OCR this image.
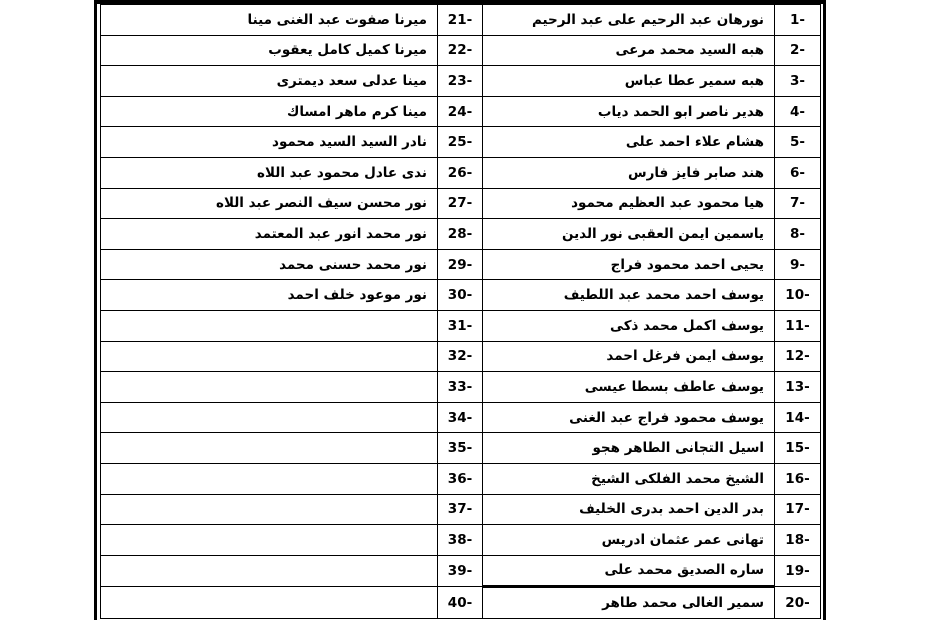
ميرنا صفوت عبد الغنى مينا	21-	نورهان عبد الرحيم على عبد الرحيم	1-
ميرنا كميل كامل يعقوب	22-	هبه السيد محمد مرعى	2-
مينا عدلى سعد ديمترى	23-	هبه سمير عطا عباس	3-
مينا كرم ماهر امساك	24-	هدير ناصر ابو الحمد دياب	4-
نادر السيد السيد محمود	25-	هشام علاء احمد على	5-
ندى عادل محمود عبد اللاه	26-	هند صابر فايز فارس	6-
نور محسن سيف النصر عبد اللاه	27-	هيا محمود عبد العظيم محمود	7-
نور محمد انور عبد المعتمد	28-	ياسمين ايمن العقبى نور الدين	8-
نور محمد حسنى محمد	29-	يحيى احمد محمود فراج	9-
نور موعود خلف احمد	30-	يوسف احمد محمد عبد اللطيف	10-
	31-	يوسف اكمل محمد ذكى	11-
	32-	يوسف ايمن فرغل احمد	12-
	33-	يوسف عاطف بسطا عيسى	13-
	34-	يوسف محمود فراج عبد الغنى	14-
	35-	اسيل التجانى الطاهر هجو	15-
	36-	الشيخ محمد الفلكى الشيخ	16-
	37-	بدر الدين احمد بدرى الخليف	17-
	38-	تهانى عمر عثمان ادريس	18-
	39-	ساره الصديق محمد على	19-
	40-	سمير الغالى محمد طاهر	20-
